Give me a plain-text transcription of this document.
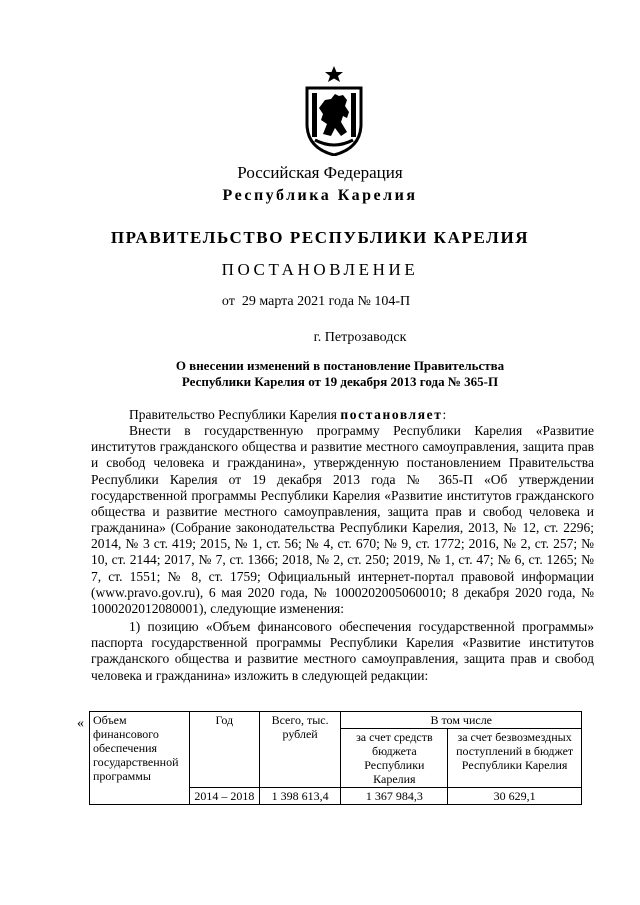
Российская Федерация
Республика Карелия
ПРАВИТЕЛЬСТВО РЕСПУБЛИКИ КАРЕЛИЯ
ПОСТАНОВЛЕНИЕ
от  29 марта 2021 года № 104-П
г. Петрозаводск
О внесении изменений в постановление Правительства
Республики Карелия от 19 декабря 2013 года № 365-П

Правительство Республики Карелия постановляет:

Внести в государственную программу Республики Карелия «Развитие институтов гражданского общества и развитие местного самоуправления, защита прав и свобод человека и гражданина», утвержденную постановлением Правительства Республики Карелия от 19 декабря 2013 года № 365-П «Об утверждении государственной программы Республики Карелия «Развитие институтов гражданского общества и развитие местного самоуправления, защита прав и свобод человека и гражданина» (Собрание законодательства Республики Карелия, 2013, № 12, ст. 2296; 2014, № 3 ст. 419; 2015, № 1, ст. 56; № 4, ст. 670; № 9, ст. 1772; 2016, № 2, ст. 257; № 10, ст. 2144; 2017, № 7, ст. 1366; 2018, № 2, ст. 250; 2019, № 1, ст. 47; № 6, ст. 1265; № 7, ст. 1551; № 8, ст. 1759; Официальный интернет-портал правовой информации (www.pravo.gov.ru), 6 мая 2020 года, № 1000202005060010; 8 декабря 2020 года, № 1000202012080001), следующие изменения:

1) позицию «Объем финансового обеспечения государственной программы» паспорта государственной программы Республики Карелия «Развитие институтов гражданского общества и развитие местного самоуправления, защита прав и свобод человека и гражданина» изложить в следующей редакции:

« Объем финансового обеспечения государственной программы	Год	Всего, тыс. рублей	В том числе	
			за счет средств бюджета Республики Карелия	за счет безвозмездных поступлений в бюджет Республики Карелия
	2014 – 2018	1 398 613,4	1 367 984,3	30 629,1
